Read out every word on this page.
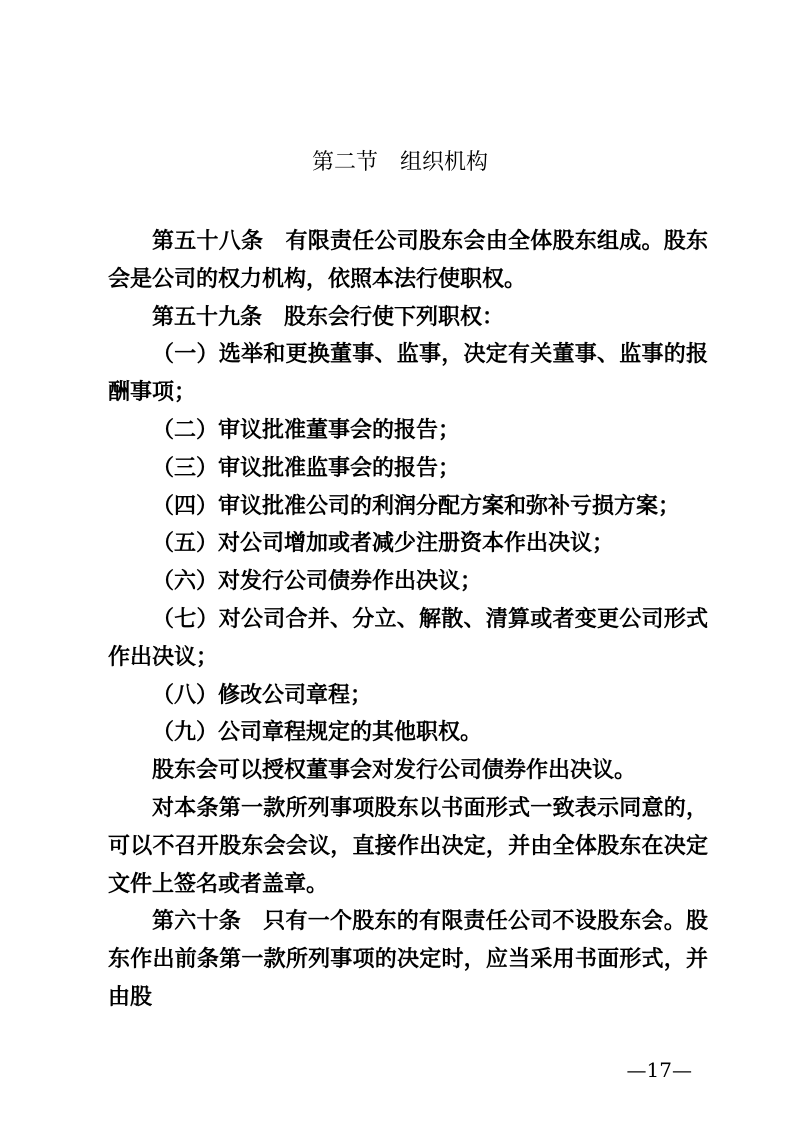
第二节　组织机构

第五十八条 有限责任公司股东会由全体股东组成。股东会是公司的权力机构，依照本法行使职权。

第五十九条 股东会行使下列职权：

（一）选举和更换董事、监事，决定有关董事、监事的报酬事项；

（二）审议批准董事会的报告；

（三）审议批准监事会的报告；

（四）审议批准公司的利润分配方案和弥补亏损方案；

（五）对公司增加或者减少注册资本作出决议；

（六）对发行公司债券作出决议；

（七）对公司合并、分立、解散、清算或者变更公司形式作出决议；

（八）修改公司章程；

（九）公司章程规定的其他职权。

股东会可以授权董事会对发行公司债券作出决议。

对本条第一款所列事项股东以书面形式一致表示同意的，可以不召开股东会会议，直接作出决定，并由全体股东在决定文件上签名或者盖章。

第六十条 只有一个股东的有限责任公司不设股东会。股东作出前条第一款所列事项的决定时，应当采用书面形式，并由股

—17—
